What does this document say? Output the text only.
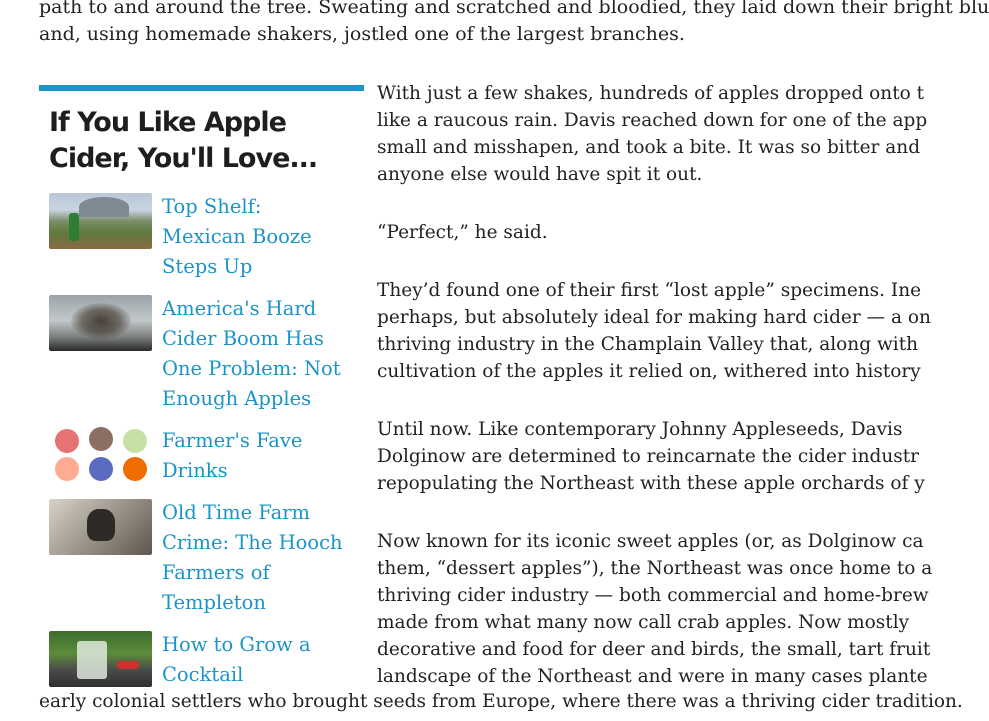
path to and around the tree. Sweating and scratched and bloodied, they laid down their bright blu
and, using homemade shakers, jostled one of the largest branches.
If You Like Apple Cider, You'll Love...
Top Shelf: Mexican Booze Steps Up
America's Hard Cider Boom Has One Problem: Not Enough Apples
Farmer's Fave Drinks
Old Time Farm Crime: The Hooch Farmers of Templeton
How to Grow a Cocktail

With just a few shakes, hundreds of apples dropped onto t
like a raucous rain. Davis reached down for one of the app
small and misshapen, and took a bite. It was so bitter and
anyone else would have spit it out.

“Perfect,” he said.

They’d found one of their first “lost apple” specimens. Ine
perhaps, but absolutely ideal for making hard cider — a on
thriving industry in the Champlain Valley that, along with
cultivation of the apples it relied on, withered into history

Until now. Like contemporary Johnny Appleseeds, Davis
Dolginow are determined to reincarnate the cider industr
repopulating the Northeast with these apple orchards of y

Now known for its iconic sweet apples (or, as Dolginow ca
them, “dessert apples”), the Northeast was once home to a
thriving cider industry — both commercial and home-brew
made from what many now call crab apples. Now mostly
decorative and food for deer and birds, the small, tart fruit
landscape of the Northeast and were in many cases plante

early colonial settlers who brought seeds from Europe, where there was a thriving cider tradition.
